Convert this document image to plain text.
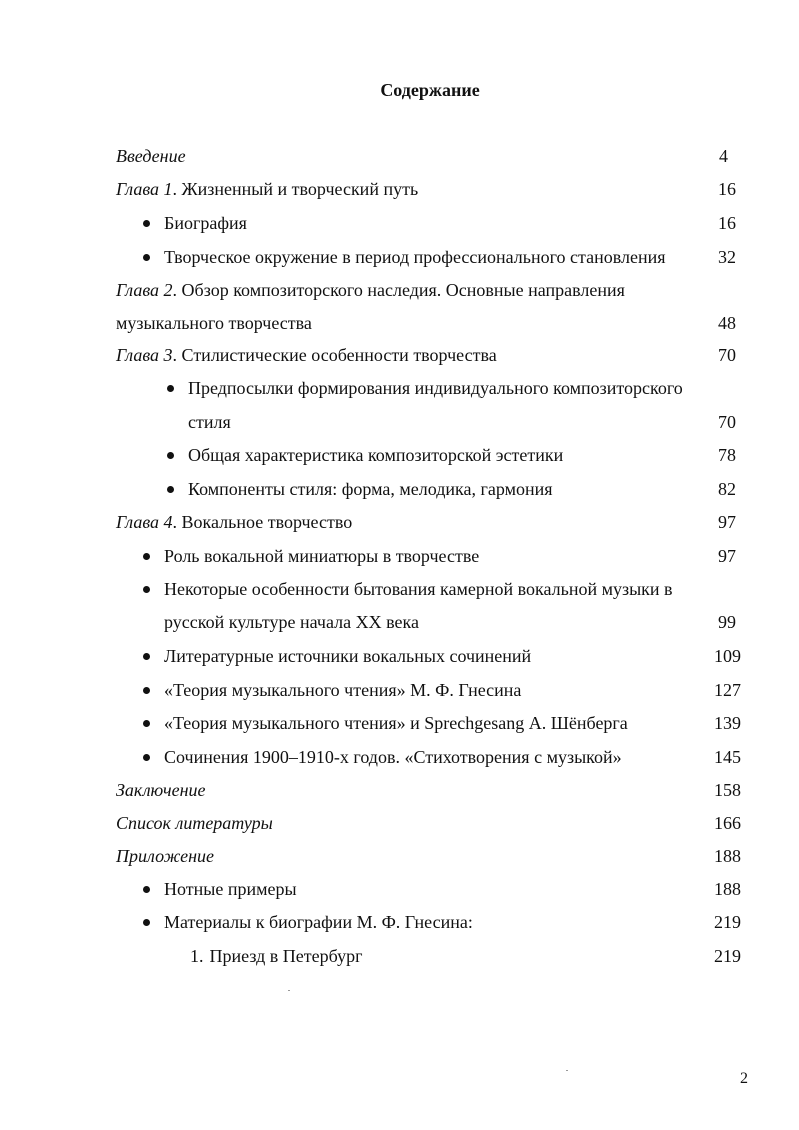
Содержание
Введение	4
Глава 1. Жизненный и творческий путь	16
Биография	16
Творческое окружение в период профессионального становления	32
Глава 2. Обзор композиторского наследия. Основные направления
музыкального творчества	48
Глава 3. Стилистические особенности творчества	70
Предпосылки формирования индивидуального композиторского
стиля	70
Общая характеристика композиторской эстетики	78
Компоненты стиля: форма, мелодика, гармония	82
Глава 4. Вокальное творчество	97
Роль вокальной миниатюры в творчестве	97
Некоторые особенности бытования камерной вокальной музыки в
русской культуре начала XX века	99
Литературные источники вокальных сочинений	109
«Теория музыкального чтения» М. Ф. Гнесина	127
«Теория музыкального чтения» и Sprechgesang А. Шёнберга	139
Сочинения 1900–1910-х годов. «Стихотворения с музыкой»	145
Заключение	158
Список литературы	166
Приложение	188
Нотные примеры	188
Материалы к биографии М. Ф. Гнесина:	219
1. Приезд в Петербург	219
2
